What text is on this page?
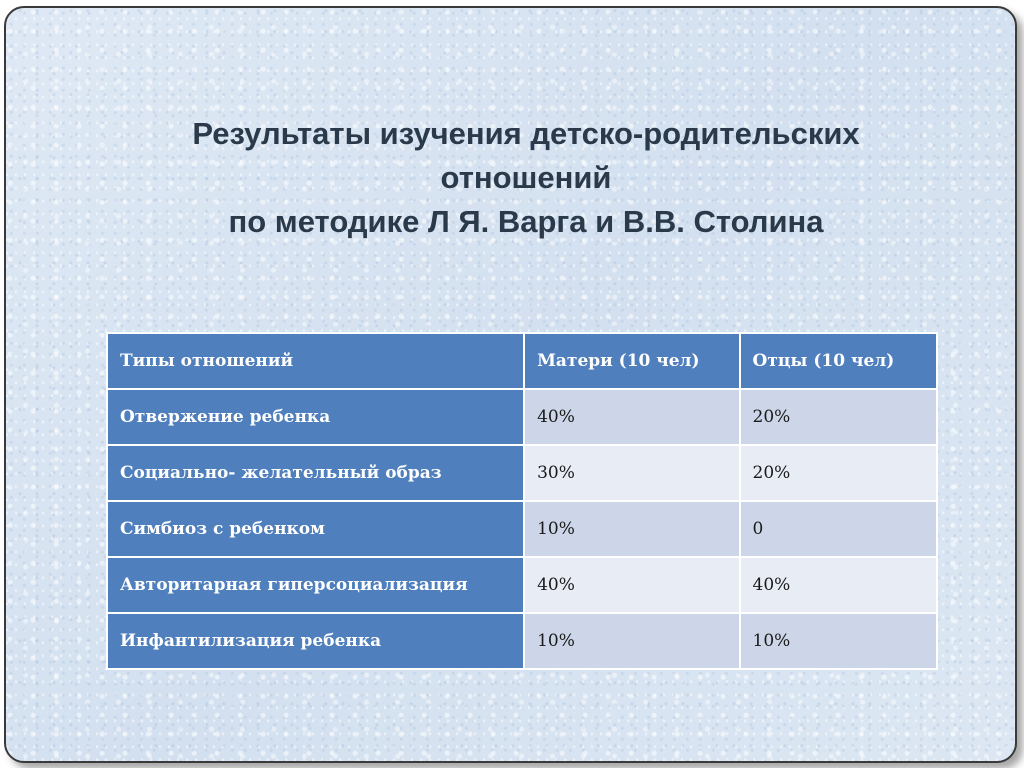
Результаты изучения детско-родительских
отношений
по методике Л Я. Варга и В.В. Столина
Типы отношений	Матери (10 чел)	Отцы (10 чел)
Отвержение ребенка	40%	20%
Социально- желательный образ	30%	20%
Симбиоз с ребенком	10%	0
Авторитарная гиперсоциализация	40%	40%
Инфантилизация ребенка	10%	10%
